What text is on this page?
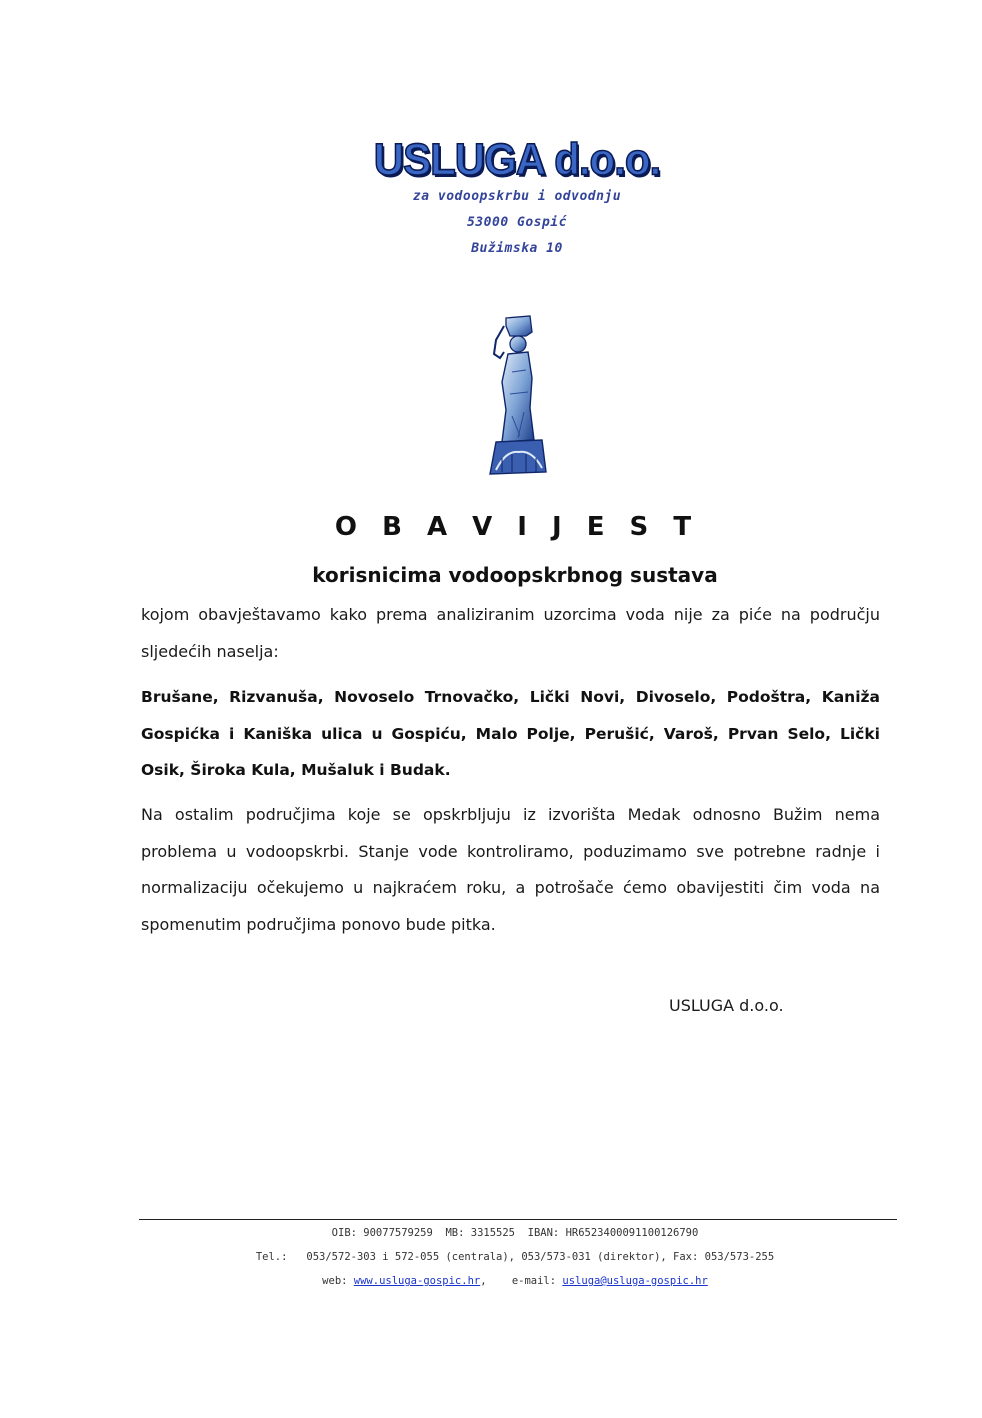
USLUGA d.o.o.
za vodoopskrbu i odvodnju
53000 Gospić
Bužimska 10
O B A V I J E S T
korisnicima vodoopskrbnog sustava
kojom obavještavamo kako prema analiziranim uzorcima voda nije za piće na području sljedećih naselja:
Brušane, Rizvanuša, Novoselo Trnovačko, Lički Novi, Divoselo, Podoštra, Kaniža Gospićka i Kaniška ulica u Gospiću, Malo Polje, Perušić, Varoš, Prvan Selo, Lički Osik, Široka Kula, Mušaluk i Budak.
Na ostalim područjima koje se opskrbljuju iz izvorišta Medak odnosno Bužim nema problema u vodoopskrbi. Stanje vode kontroliramo, poduzimamo sve potrebne radnje i normalizaciju očekujemo u najkraćem roku, a potrošače ćemo obavijestiti čim voda na spomenutim područjima ponovo bude pitka.
USLUGA d.o.o.
OIB: 90077579259  MB: 3315525  IBAN: HR6523400091100126790
Tel.:   053/572-303 i 572-055 (centrala), 053/573-031 (direktor), Fax: 053/573-255
web: www.usluga-gospic.hr,    e-mail: usluga@usluga-gospic.hr
